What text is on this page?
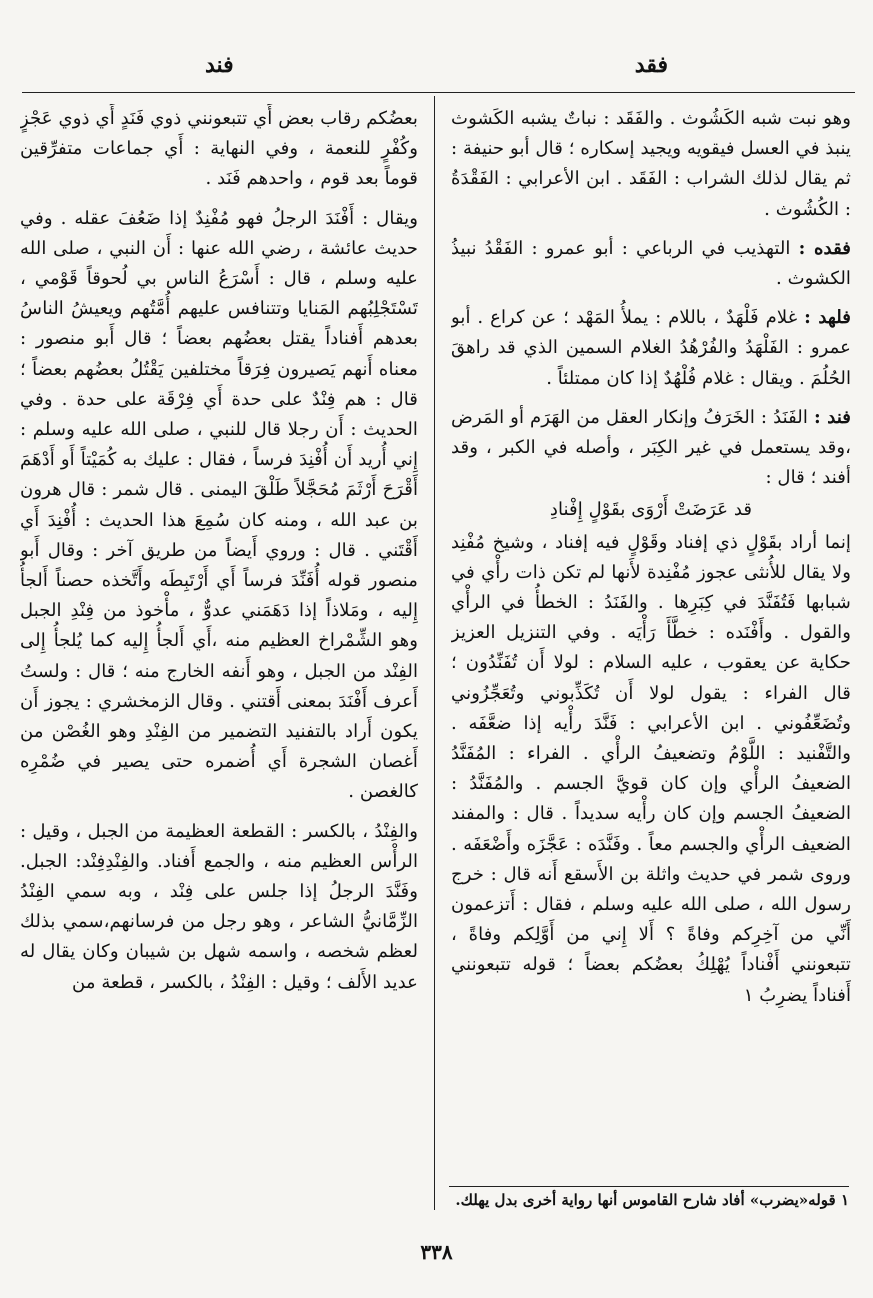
فقد
فند
وهو نبت شبه الكَشُوث . والفَقَد : نباتٌ يشبه الكَشوث ينبذ في العسل فيقويه ويجيد إسكاره ؛ قال أبو حنيفة : ثم يقال لذلك الشراب : الفَقَد . ابن الأعرابي : الفَقْدَةُ : الكُشُوث .
فقده : التهذيب في الرباعي : أبو عمرو : الفَقْدُ نبيذُ الكشوث .
فلهد : غلام فَلْهَدٌ ، باللام : يملأُ المَهْد ؛ عن كراع . أبو عمرو : الفَلْهَدُ والفُرْهُدُ الغلام السمين الذي قد راهقَ الحُلُمَ . ويقال : غلام فُلْهُدٌ إذا كان ممتلئاً .
فند : الفَنَدُ : الخَرَفُ وإنكار العقل من الهَرَم أو المَرض ،وقد يستعمل في غير الكِبَر ، وأصله في الكبر ، وقد أفند ؛ قال :
قد عَرَضَتْ أَرْوَى بقَوْلٍ إِفْنادِ
إنما أراد بقَوْلٍ ذي إفناد وقَوْلٍ فيه إفناد ، وشيخ مُفْنِد ولا يقال للأُنثى عجوز مُفْنِدة لأَنها لم تكن ذات رأْي في شبابها فَتُفَنَّدَ في كِبَرِها . والفَنَدُ : الخطأُ في الرأْي والقول . وأَفْنَده : خطَّأَ رَأْيَه . وفي التنزيل العزيز حكاية عن يعقوب ، عليه السلام : لولا أَن تُفَنِّدُون ؛ قال الفراء : يقول لولا أَن تُكَذِّبوني وتُعَجِّزُوني وتُضَعِّفُوني . ابن الأعرابي : فَنَّدَ رأْيه إذا ضعَّفَه . والتَّفْنيد : اللَّوْمُ وتضعيفُ الرأْي . الفراء : المُفَنَّدُ الضعيفُ الرأْي وإن كان قويَّ الجسم . والمُفَنَّدُ : الضعيفُ الجسم وإن كان رأْيه سديداً . قال : والمفند الضعيف الرأْي والجسم معاً . وفَنَّدَه : عَجَّزَه وأَضْعَفَه . وروى شمر في حديث واثلة بن الأَسقع أَنه قال : خرج رسول الله ، صلى الله عليه وسلم ، فقال : أَتزعمون أَنِّي من آخِرِكم وفاةً ؟ أَلا إِني من أَوَّلِكم وفاةً ، تتبعونني أَفْناداً يُهْلِكُ بعضُكم بعضاً ؛ قوله تتبعونني أَفناداً يضرِبُ ١
بعضُكم رقاب بعض أَي تتبعونني ذوي فَنَدٍ أَي ذوي عَجْزٍ وكُفْرٍ للنعمة ، وفي النهاية : أَي جماعات متفرِّقين قوماً بعد قوم ، واحدهم فَنَد .
ويقال : أَفْنَدَ الرجلُ فهو مُفْنِدٌ إذا ضَعُفَ عقله . وفي حديث عائشة ، رضي الله عنها : أَن النبي ، صلى الله عليه وسلم ، قال : أَسْرَعُ الناس بي لُحوقاً قَوْمي ، تَسْتَجْلِبُهم المَنايا وتتنافس عليهم أُمَّتُهم ويعيشُ الناسُ بعدهم أَفناداً يقتل بعضُهم بعضاً ؛ قال أَبو منصور : معناه أَنهم يَصيرون فِرَقاً مختلفين يَقْتُلُ بعضُهم بعضاً ؛ قال : هم فِنْدٌ على حدة أَي فِرْقَة على حدة . وفي الحديث : أَن رجلا قال للنبي ، صلى الله عليه وسلم : إِني أُريد أَن أُفْنِدَ فرساً ، فقال : عليك به كُمَيْتاً أَو أَدْهَمَ أَقْرَحَ أَرْثَمَ مُحَجَّلاً طَلْقَ اليمنى . قال شمر : قال هرون بن عبد الله ، ومنه كان سُمِعَ هذا الحديث : أُفْنِدَ أَي أَقْتَني . قال : وروي أَيضاً من طريق آخر : وقال أَبو منصور قوله أُفَنِّدَ فرساً أَي أَرْتَبِطَه وأَتَّخذه حصناً أَلجأُ إِليه ، ومَلاذاً إذا دَهَمَني عدوٌّ ، مأْخوذ من فِنْدِ الجبل وهو الشِّمْراخ العظيم منه ،أَي أَلجأُ إِليه كما يُلجأُ إِلى الفِنْد من الجبل ، وهو أَنفه الخارج منه ؛ قال : ولستُ أَعرف أَفْنَدَ بمعنى أَقتني . وقال الزمخشري : يجوز أَن يكون أَراد بالتفنيد التضمير من الفِنْدِ وهو الغُصْن من أَغصان الشجرة أَي أُضمره حتى يصير في ضُمْرِه كالغصن .
والفِنْدُ ، بالكسر : القطعة العظيمة من الجبل ، وقيل : الرأْس العظيم منه ، والجمع أَفناد. والفِنْدِفِنْد: الجبل. وفَنَّدَ الرجلُ إذا جلس على فِنْد ، وبه سمي الفِنْدُ الزِّمَّانيُّ الشاعر ، وهو رجل من فرسانهم،سمي بذلك لعظم شخصه ، واسمه شهل بن شيبان وكان يقال له عديد الأَلف ؛ وقيل : الفِنْدُ ، بالكسر ، قطعة من
١ قوله«يضرب» أفاد شارح القاموس أنها رواية أخرى بدل يهلك.
٣٣٨
